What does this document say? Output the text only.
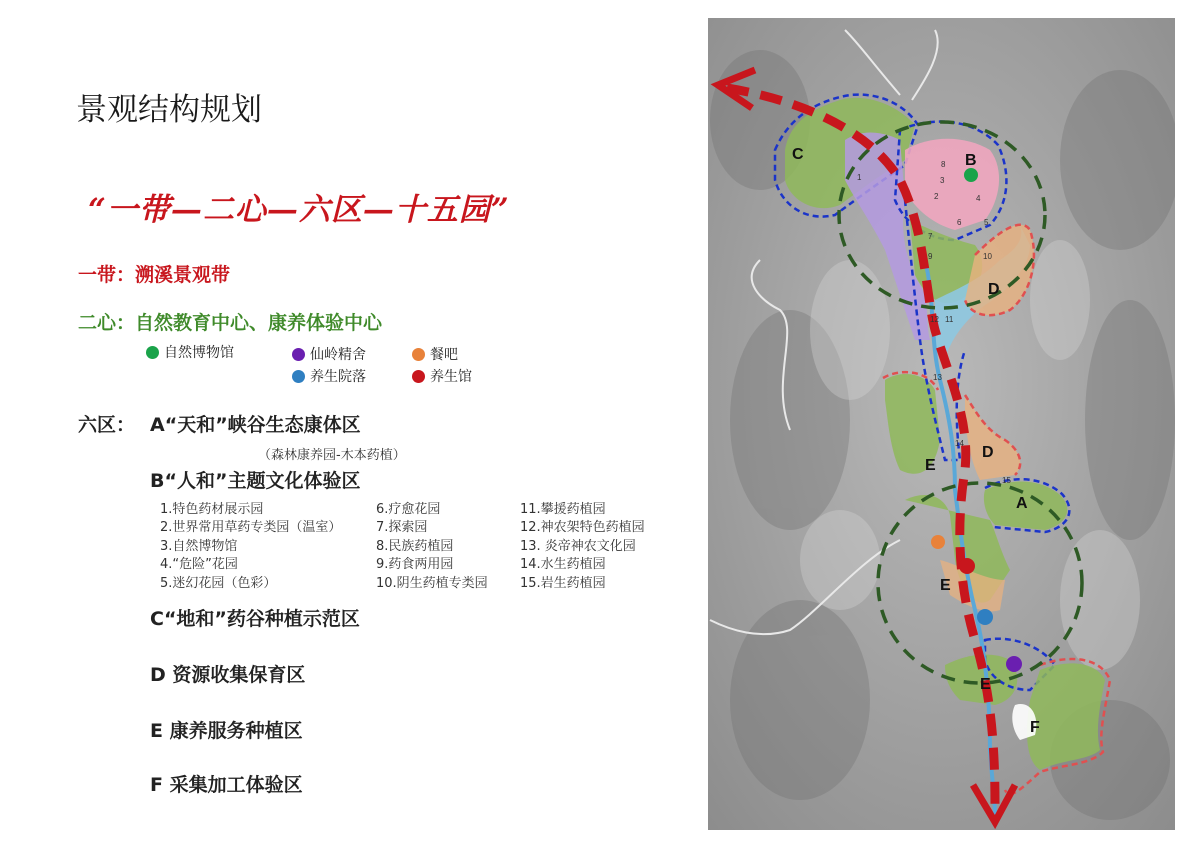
景观结构规划
“一带—二心—六区—十五园”
一带：溯溪景观带
二心：自然教育中心、康养体验中心
自然博物馆	仙岭精舍	餐吧
养生院落	养生馆
六区： A“天和”峡谷生态康体区
（森林康养园-木本药植）
B“人和”主题文化体验区
1.特色药材展示园
2.世界常用草药专类园（温室）
3.自然博物馆
4.“危险”花园
5.迷幻花园（色彩）
6.疗愈花园
7.探索园
8.民族药植园
9.药食两用园
10.阴生药植专类园
11.攀援药植园
12.神农架特色药植园
13. 炎帝神农文化园
14.水生药植园
15.岩生药植园
C“地和”药谷种植示范区
D 资源收集保育区
E 康养服务种植区
F 采集加工体验区
C	B
D
E
D
A
E
E
F
1
2
3
4
5
6
7
8
9	10
11
12
13
14
15
